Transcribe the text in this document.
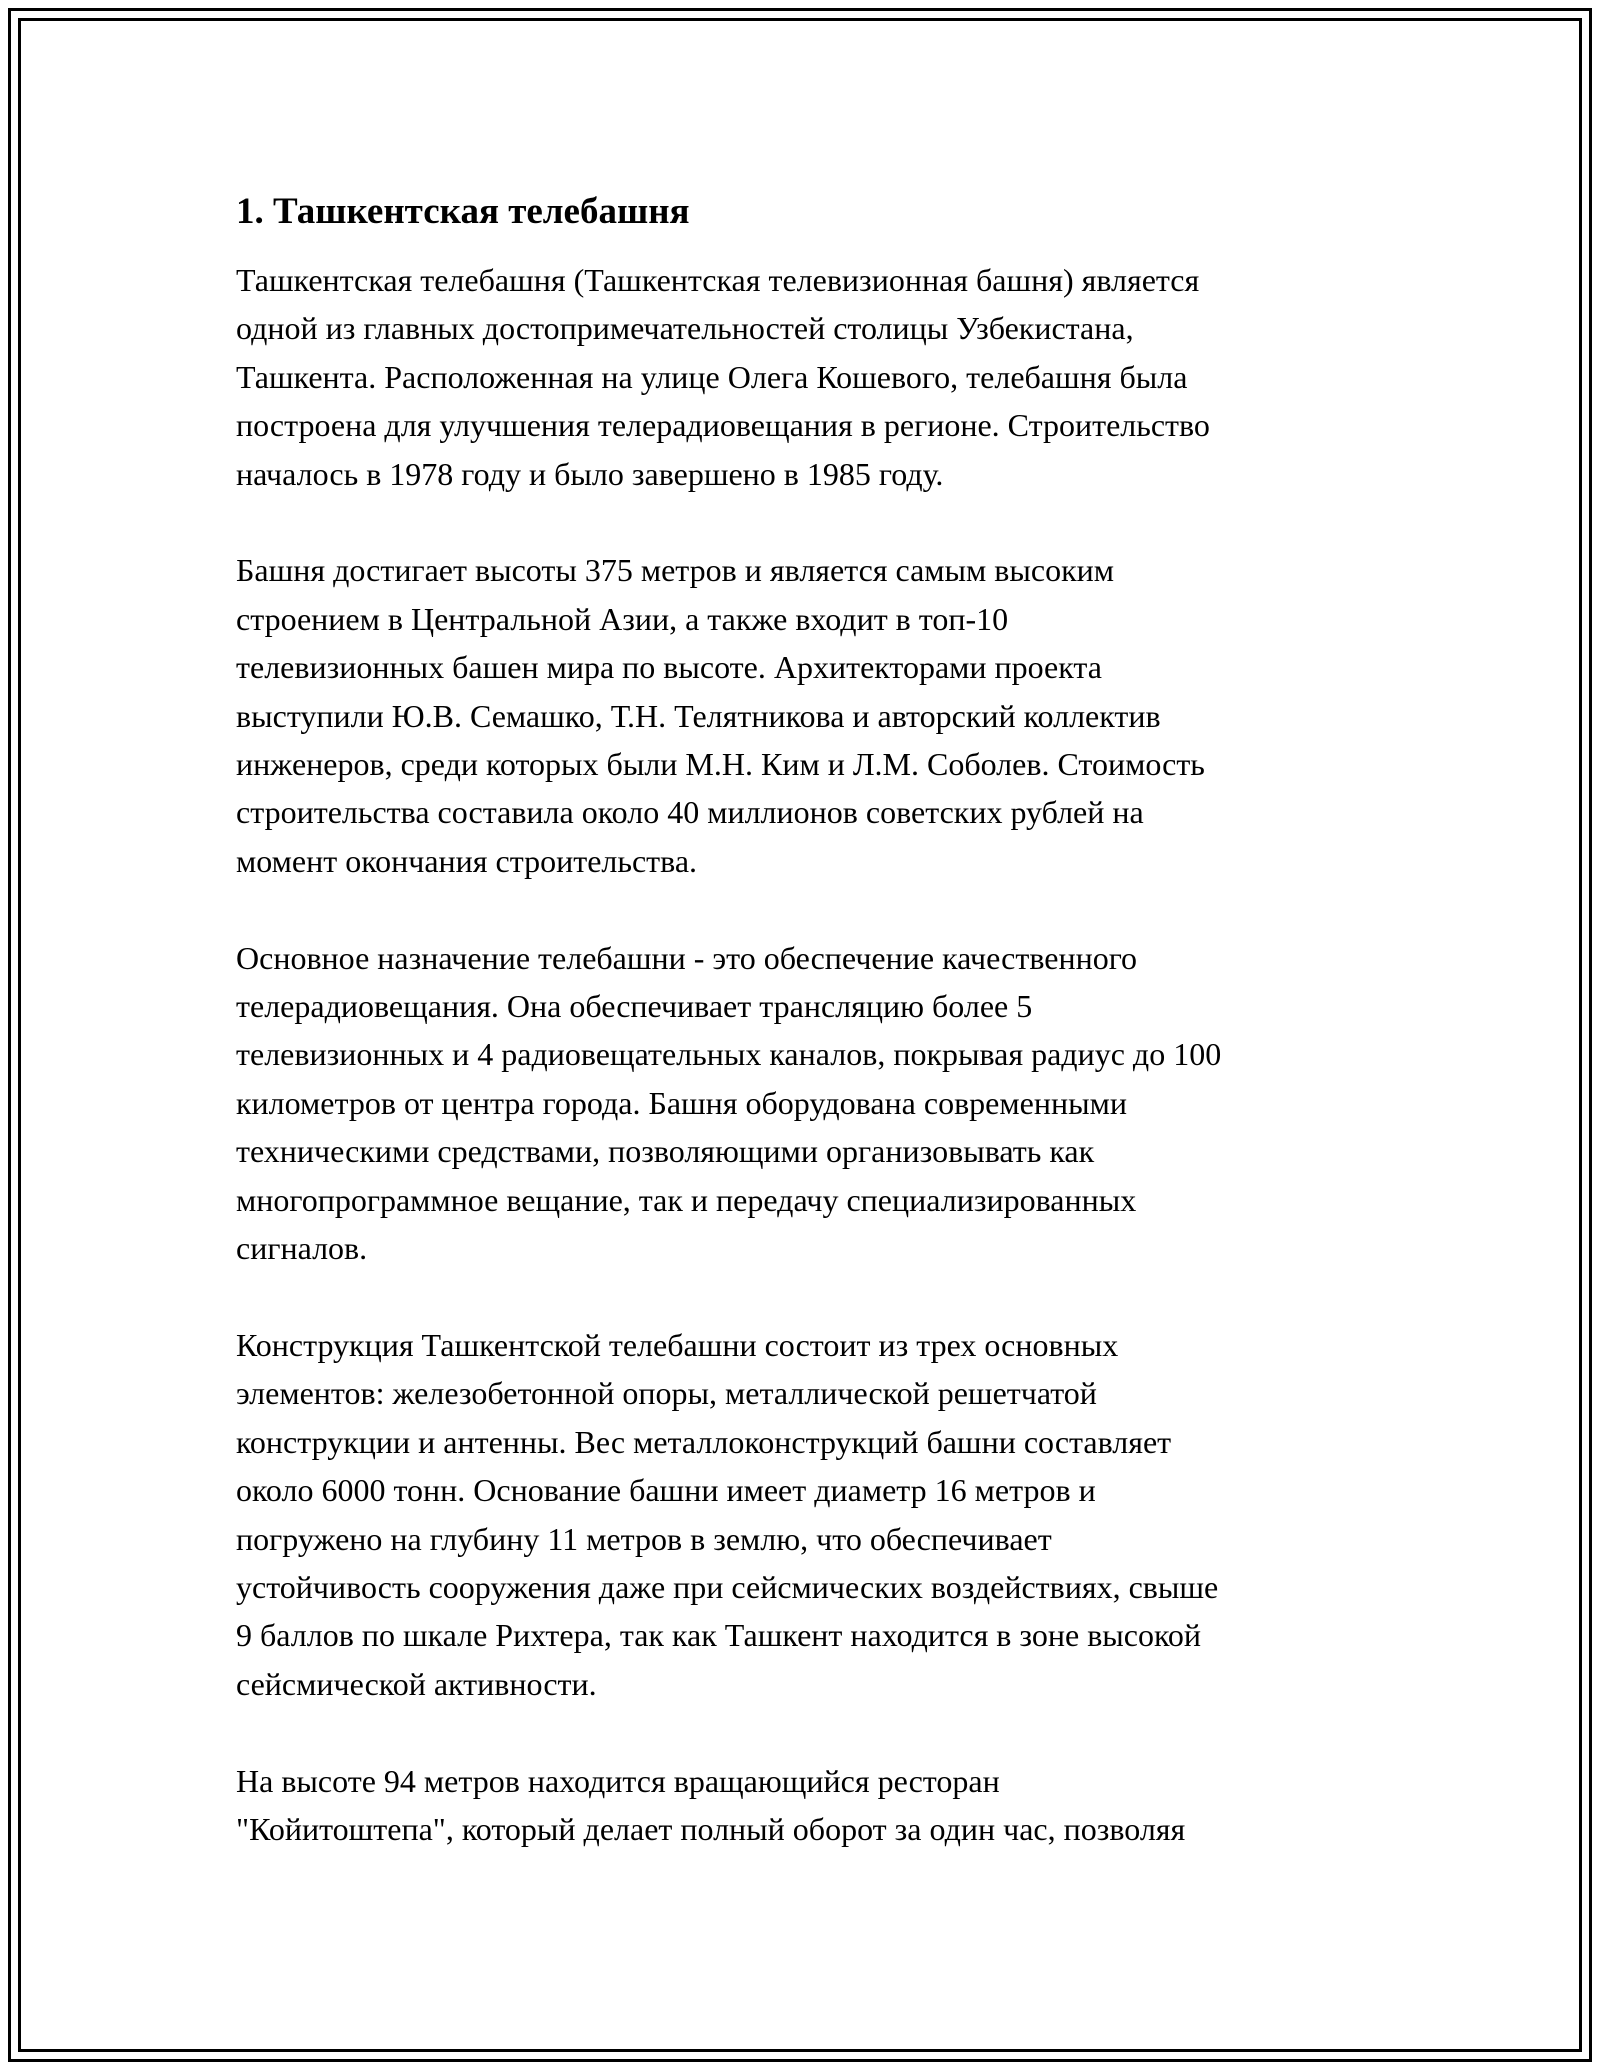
1. Ташкентская телебашня

Ташкентская телебашня (Ташкентская телевизионная башня) является
одной из главных достопримечательностей столицы Узбекистана,
Ташкента. Расположенная на улице Олега Кошевого, телебашня была
построена для улучшения телерадиовещания в регионе. Строительство
началось в 1978 году и было завершено в 1985 году.

Башня достигает высоты 375 метров и является самым высоким
строением в Центральной Азии, а также входит в топ-10
телевизионных башен мира по высоте. Архитекторами проекта
выступили Ю.В. Семашко, Т.Н. Телятникова и авторский коллектив
инженеров, среди которых были М.Н. Ким и Л.М. Соболев. Стоимость
строительства составила около 40 миллионов советских рублей на
момент окончания строительства.

Основное назначение телебашни - это обеспечение качественного
телерадиовещания. Она обеспечивает трансляцию более 5
телевизионных и 4 радиовещательных каналов, покрывая радиус до 100
километров от центра города. Башня оборудована современными
техническими средствами, позволяющими организовывать как
многопрограммное вещание, так и передачу специализированных
сигналов.

Конструкция Ташкентской телебашни состоит из трех основных
элементов: железобетонной опоры, металлической решетчатой
конструкции и антенны. Вес металлоконструкций башни составляет
около 6000 тонн. Основание башни имеет диаметр 16 метров и
погружено на глубину 11 метров в землю, что обеспечивает
устойчивость сооружения даже при сейсмических воздействиях, свыше
9 баллов по шкале Рихтера, так как Ташкент находится в зоне высокой
сейсмической активности.

На высоте 94 метров находится вращающийся ресторан
"Койитоштепа", который делает полный оборот за один час, позволяя
